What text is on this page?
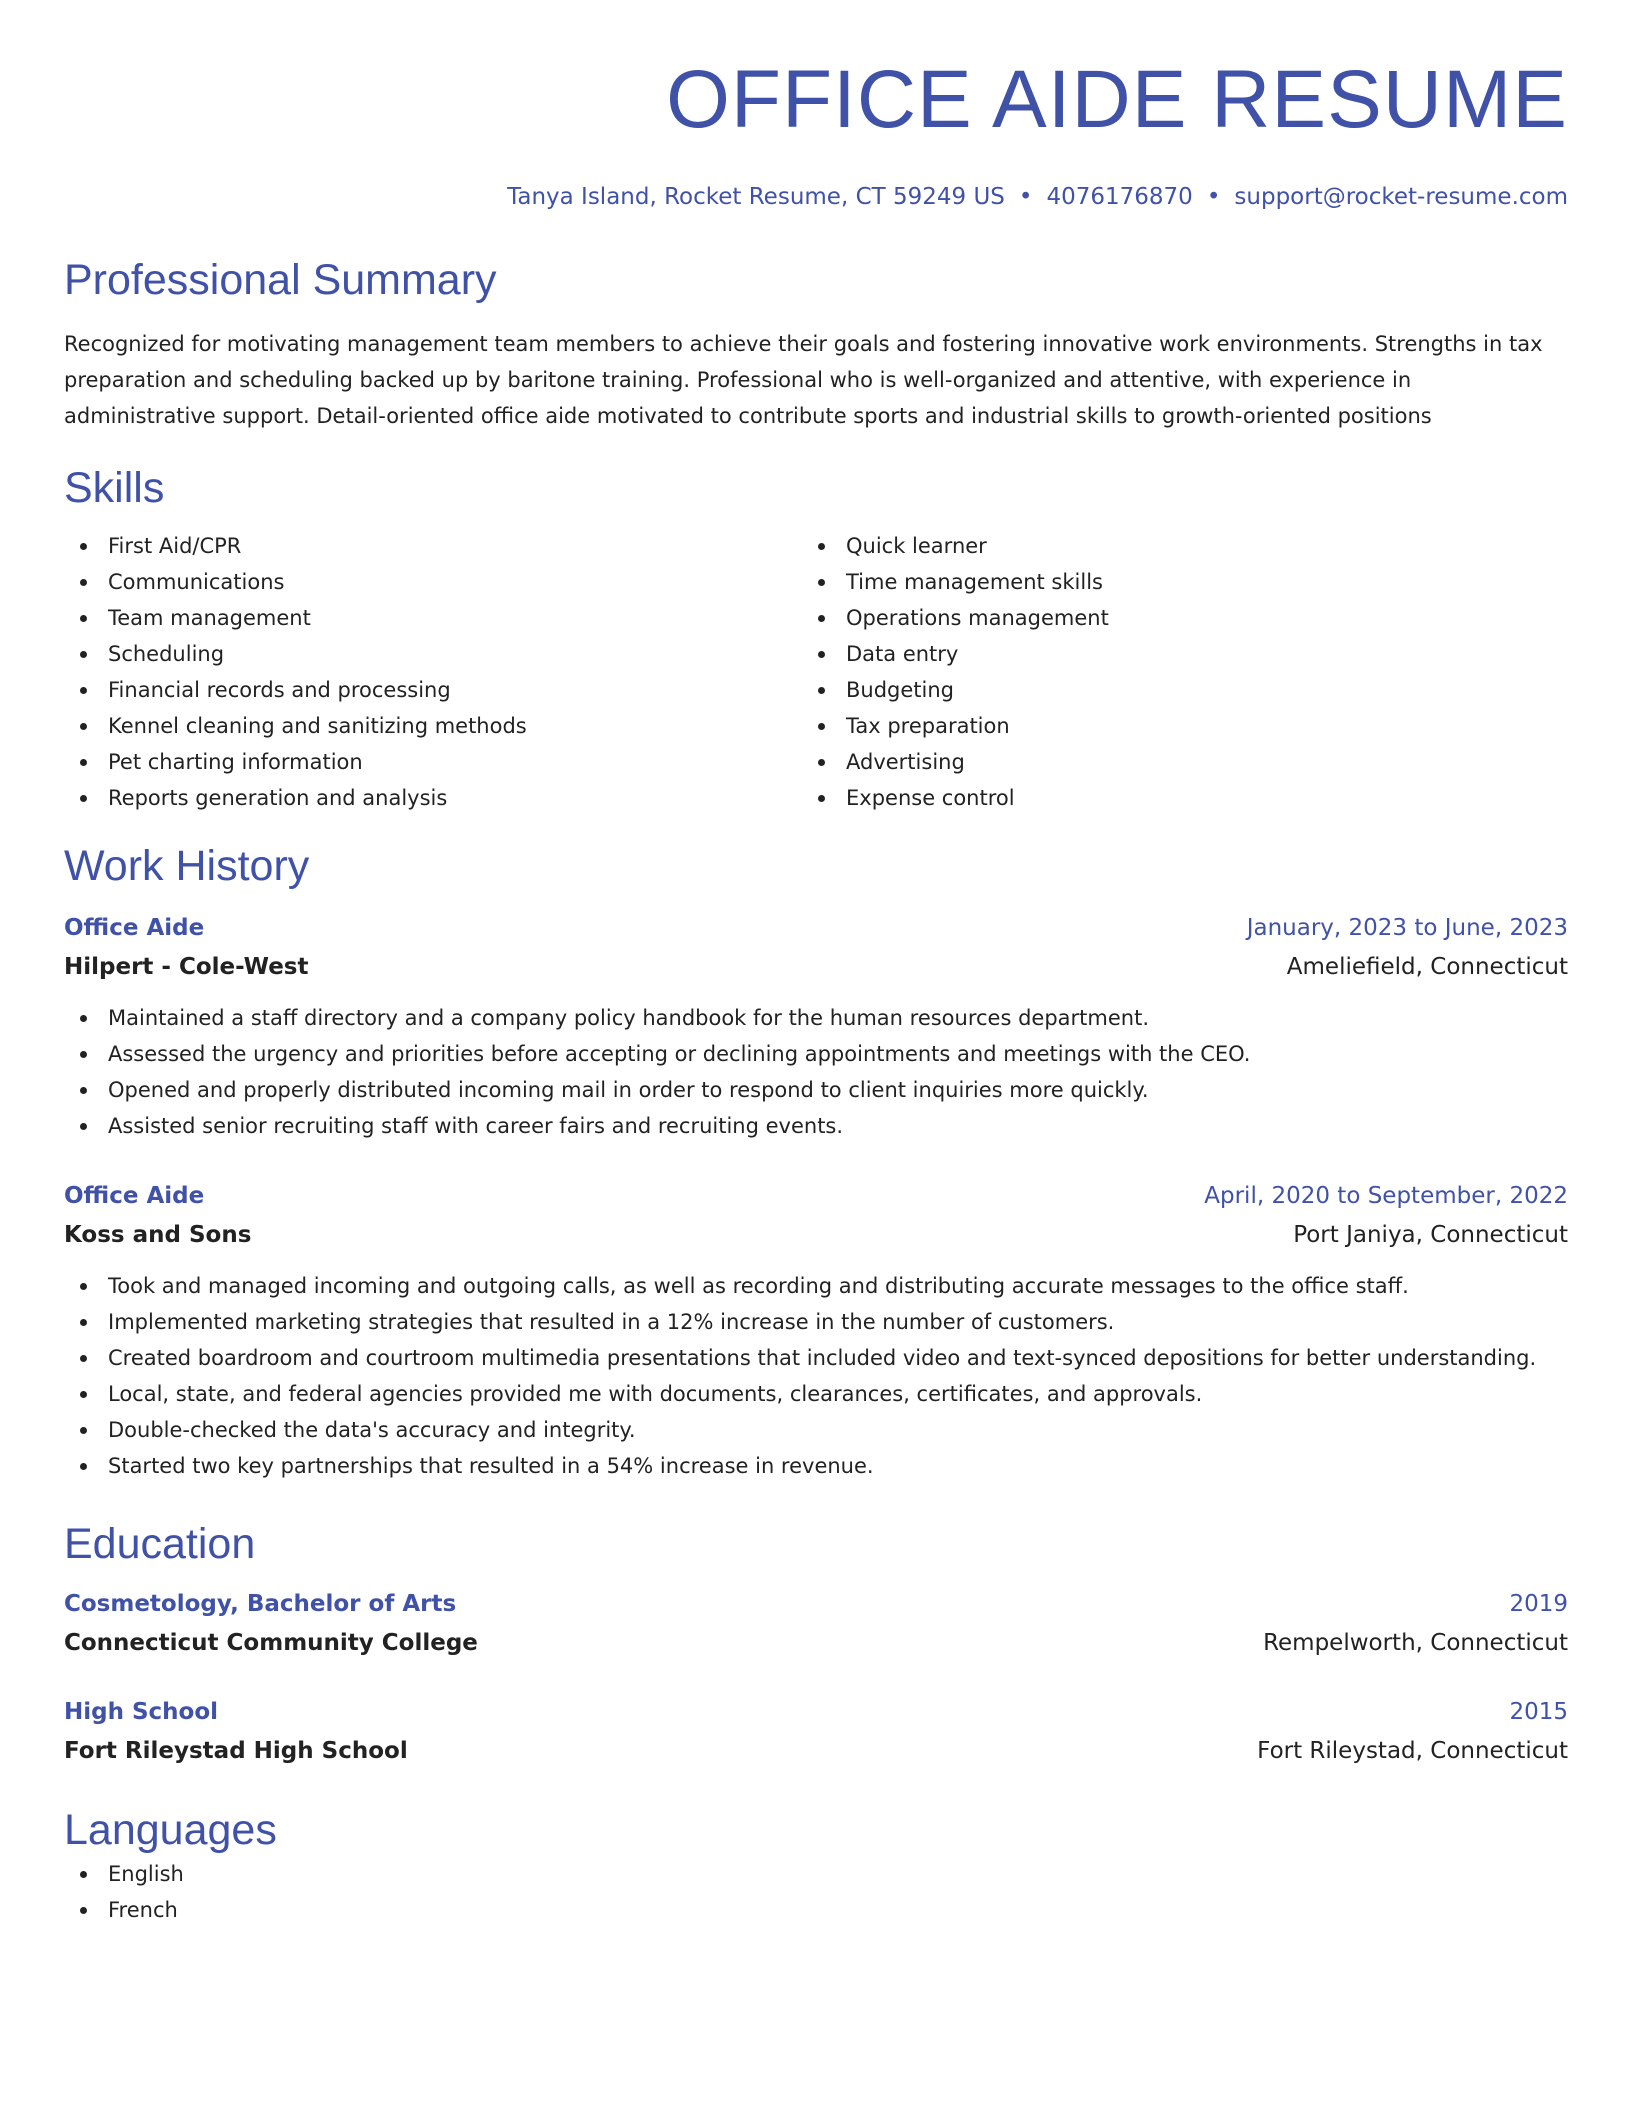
OFFICE AIDE RESUME
Tanya Island, Rocket Resume, CT 59249 US • 4076176870 • support@rocket-resume.com
Professional Summary
Recognized for motivating management team members to achieve their goals and fostering innovative work environments. Strengths in tax preparation and scheduling backed up by baritone training. Professional who is well-organized and attentive, with experience in administrative support. Detail-oriented office aide motivated to contribute sports and industrial skills to growth-oriented positions
Skills
First Aid/CPR
Communications
Team management
Scheduling
Financial records and processing
Kennel cleaning and sanitizing methods
Pet charting information
Reports generation and analysis
Quick learner
Time management skills
Operations management
Data entry
Budgeting
Tax preparation
Advertising
Expense control
Work History
Office Aide	January, 2023 to June, 2023
Hilpert - Cole-West	Ameliefield, Connecticut
Maintained a staff directory and a company policy handbook for the human resources department.
Assessed the urgency and priorities before accepting or declining appointments and meetings with the CEO.
Opened and properly distributed incoming mail in order to respond to client inquiries more quickly.
Assisted senior recruiting staff with career fairs and recruiting events.
Office Aide	April, 2020 to September, 2022
Koss and Sons	Port Janiya, Connecticut
Took and managed incoming and outgoing calls, as well as recording and distributing accurate messages to the office staff.
Implemented marketing strategies that resulted in a 12% increase in the number of customers.
Created boardroom and courtroom multimedia presentations that included video and text-synced depositions for better understanding.
Local, state, and federal agencies provided me with documents, clearances, certificates, and approvals.
Double-checked the data's accuracy and integrity.
Started two key partnerships that resulted in a 54% increase in revenue.
Education
Cosmetology, Bachelor of Arts	2019
Connecticut Community College	Rempelworth, Connecticut
High School	2015
Fort Rileystad High School	Fort Rileystad, Connecticut
Languages
English
French
